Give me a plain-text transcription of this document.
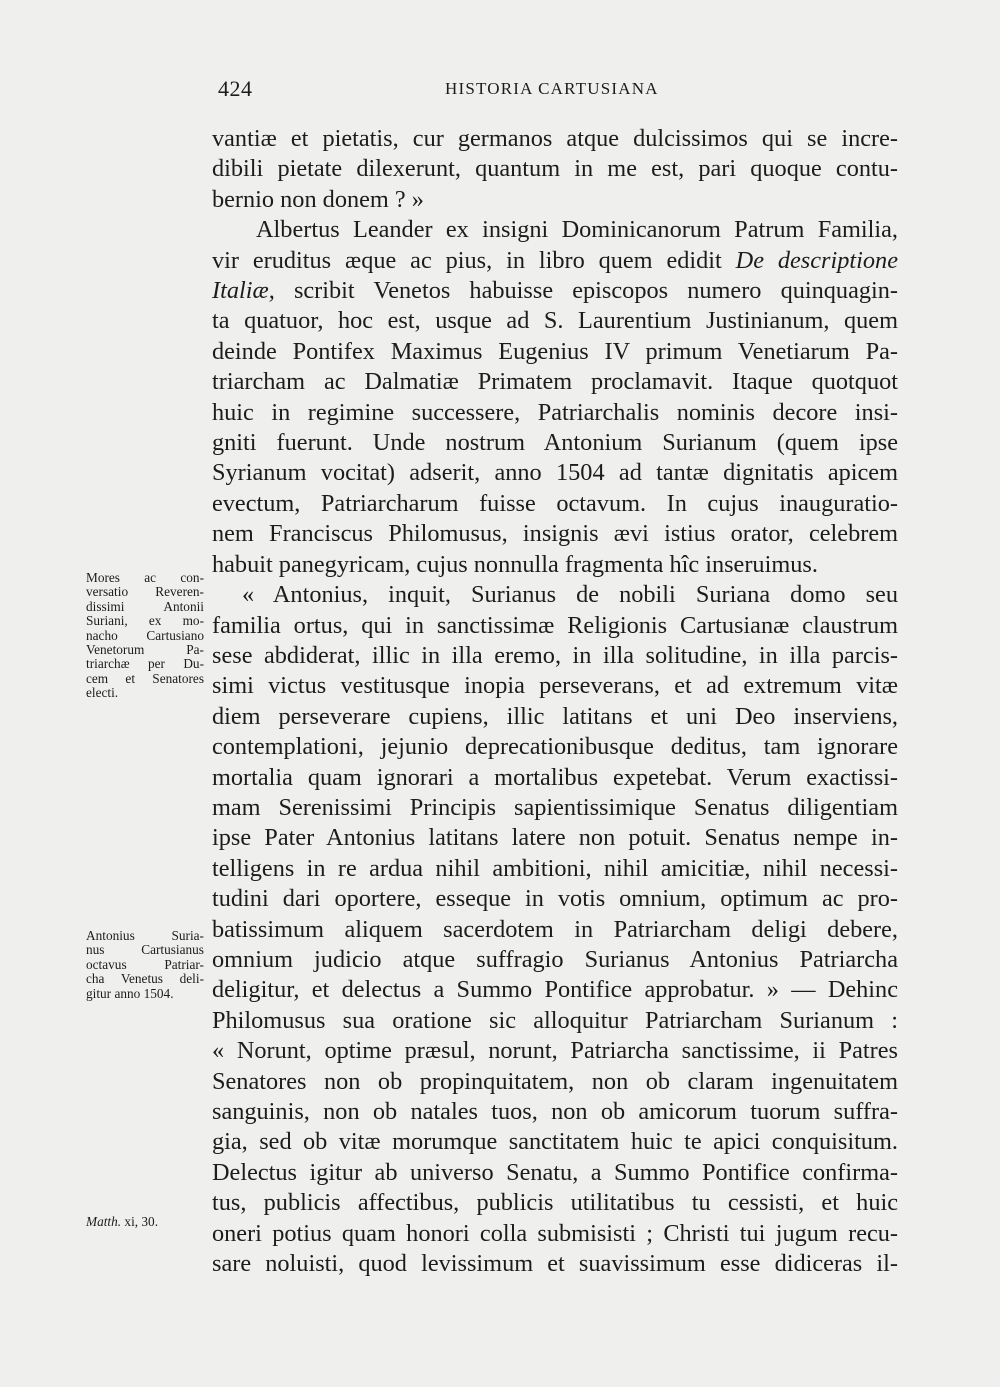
424	HISTORIA CARTUSIANA

vantiæ et pietatis, cur germanos atque dulcissimos qui se incre-
dibili pietate dilexerunt, quantum in me est, pari quoque contu-
bernio non donem ? »

Albertus Leander ex insigni Dominicanorum Patrum Familia,
vir eruditus æque ac pius, in libro quem edidit De descriptione
Italiæ, scribit Venetos habuisse episcopos numero quinquagin-
ta quatuor, hoc est, usque ad S. Laurentium Justinianum, quem
deinde Pontifex Maximus Eugenius IV primum Venetiarum Pa-
triarcham ac Dalmatiæ Primatem proclamavit. Itaque quotquot
huic in regimine successere, Patriarchalis nominis decore insi-
gniti fuerunt. Unde nostrum Antonium Surianum (quem ipse
Syrianum vocitat) adserit, anno 1504 ad tantæ dignitatis apicem
evectum, Patriarcharum fuisse octavum. In cujus inauguratio-
nem Franciscus Philomusus, insignis ævi istius orator, celebrem
habuit panegyricam, cujus nonnulla fragmenta hîc inseruimus.

« Antonius, inquit, Surianus de nobili Suriana domo seu
familia ortus, qui in sanctissimæ Religionis Cartusianæ claustrum
sese abdiderat, illic in illa eremo, in illa solitudine, in illa parcis-
simi victus vestitusque inopia perseverans, et ad extremum vitæ
diem perseverare cupiens, illic latitans et uni Deo inserviens,
contemplationi, jejunio deprecationibusque deditus, tam ignorare
mortalia quam ignorari a mortalibus expetebat. Verum exactissi-
mam Serenissimi Principis sapientissimique Senatus diligentiam
ipse Pater Antonius latitans latere non potuit. Senatus nempe in-
telligens in re ardua nihil ambitioni, nihil amicitiæ, nihil necessi-
tudini dari oportere, esseque in votis omnium, optimum ac pro-
batissimum aliquem sacerdotem in Patriarcham deligi debere,
omnium judicio atque suffragio Surianus Antonius Patriarcha
deligitur, et delectus a Summo Pontifice approbatur. » — Dehinc
Philomusus sua oratione sic alloquitur Patriarcham Surianum :
« Norunt, optime præsul, norunt, Patriarcha sanctissime, ii Patres
Senatores non ob propinquitatem, non ob claram ingenuitatem
sanguinis, non ob natales tuos, non ob amicorum tuorum suffra-
gia, sed ob vitæ morumque sanctitatem huic te apici conquisitum.
Delectus igitur ab universo Senatu, a Summo Pontifice confirma-
tus, publicis affectibus, publicis utilitatibus tu cessisti, et huic
oneri potius quam honori colla submisisti ; Christi tui jugum recu-
sare noluisti, quod levissimum et suavissimum esse didiceras il-

Mores ac con-
versatio Reveren-
dissimi Antonii
Suriani, ex mo-
nacho Cartusiano
Venetorum Pa-
triarchæ per Du-
cem et Senatores
electi.
Antonius Suria-
nus Cartusianus
octavus Patriar-
cha Venetus deli-
gitur anno 1504.
Matth. xi, 30.
